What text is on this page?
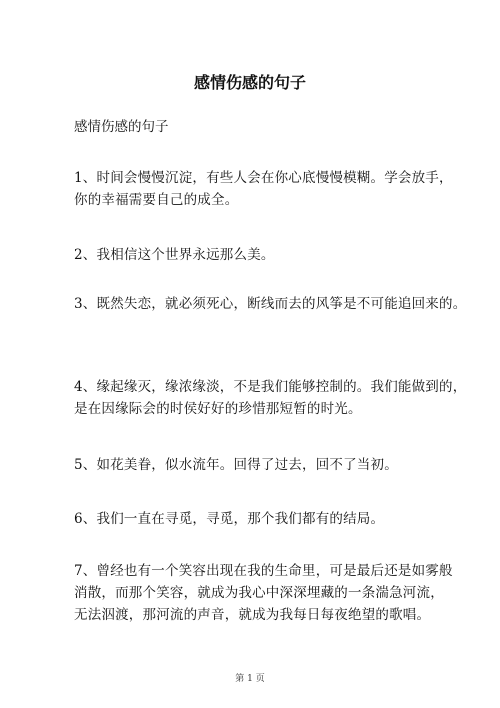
感情伤感的句子
感情伤感的句子
1、时间会慢慢沉淀，有些人会在你心底慢慢模糊。学会放手，
你的幸福需要自己的成全。
2、我相信这个世界永远那么美。
3、既然失恋，就必须死心，断线而去的风筝是不可能追回来的。
4、缘起缘灭，缘浓缘淡，不是我们能够控制的。我们能做到的，
是在因缘际会的时侯好好的珍惜那短暂的时光。
5、如花美眷，似水流年。回得了过去，回不了当初。
6、我们一直在寻觅，寻觅，那个我们都有的结局。
7、曾经也有一个笑容出现在我的生命里，可是最后还是如雾般
消散，而那个笑容，就成为我心中深深埋藏的一条湍急河流，
无法泅渡，那河流的声音，就成为我每日每夜绝望的歌唱。
第 1 页
